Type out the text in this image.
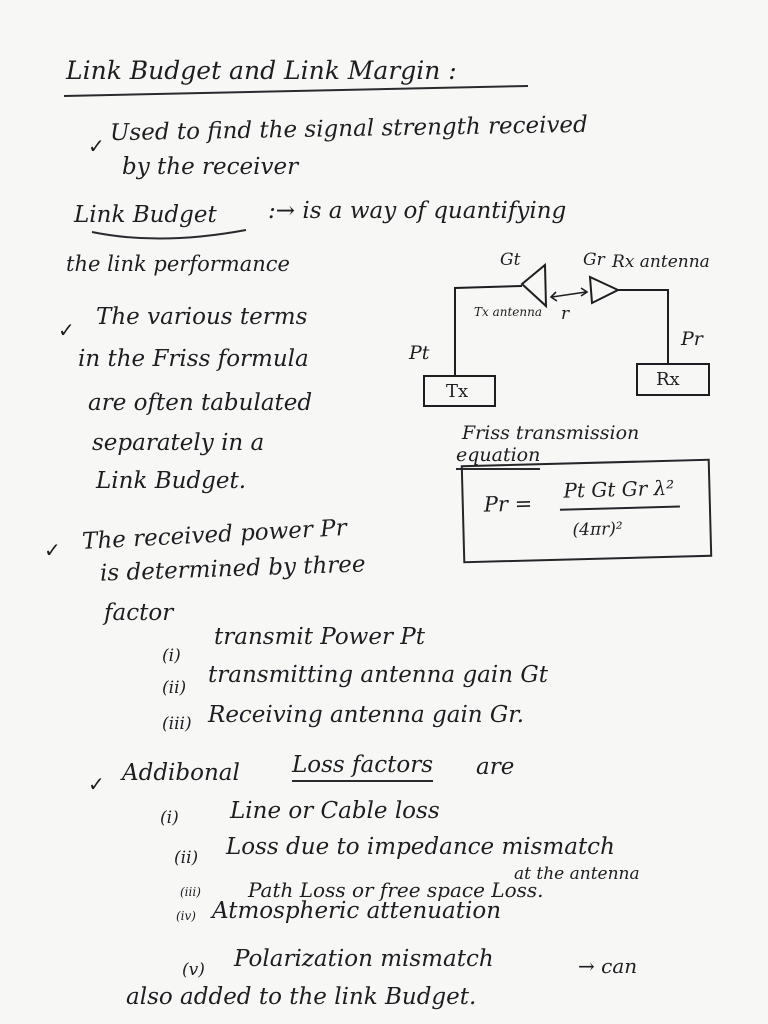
Link Budget and Link Margin :
✓ Used to find the signal strength received
by the receiver
Link Budget :→ is a way of quantifying
the link performance	Gt	Gr Rx antenna
Tx antenna r
Pt
Pr
Tx
Rx
✓ The various terms
in the Friss formula
are often tabulated
separately in a
Link Budget.
Friss transmission
equation
Pr =
Pt Gt Gr λ²
(4πr)²
✓ The received power Pr
is determined by three
factor
(i)
transmit Power Pt
(ii) transmitting antenna gain Gt
(iii) Receiving antenna gain Gr.
✓ Addibonal Loss factors are
(i) Line or Cable loss
(ii) Loss due to impedance mismatch
at the antenna
(iii) Path Loss or free space Loss.
(iv) Atmospheric attenuation
(v) Polarization mismatch	→ can
also added to the link Budget.
